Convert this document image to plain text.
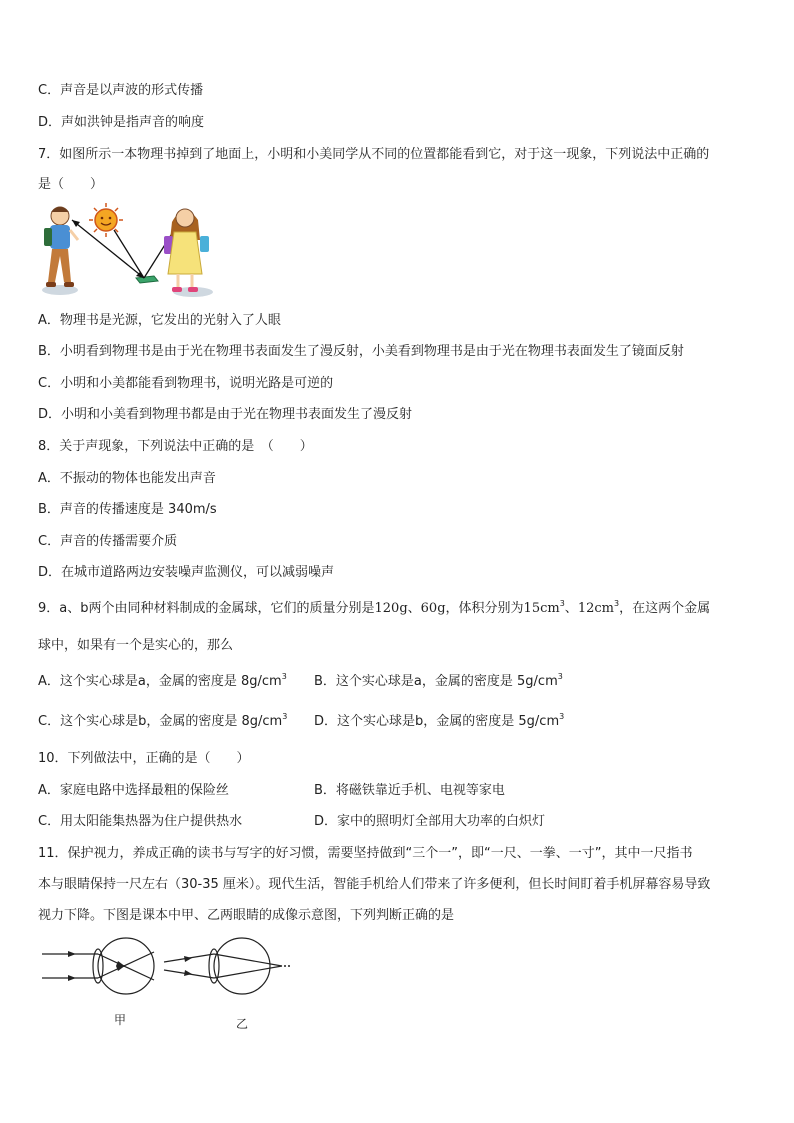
C．声音是以声波的形式传播
D．声如洪钟是指声音的响度
7．如图所示一本物理书掉到了地面上，小明和小美同学从不同的位置都能看到它，对于这一现象，下列说法中正确的
是（　　）
A．物理书是光源，它发出的光射入了人眼
B．小明看到物理书是由于光在物理书表面发生了漫反射，小美看到物理书是由于光在物理书表面发生了镜面反射
C．小明和小美都能看到物理书，说明光路是可逆的
D．小明和小美看到物理书都是由于光在物理书表面发生了漫反射
8．关于声现象，下列说法中正确的是　（　　）
A．不振动的物体也能发出声音
B．声音的传播速度是 340m/s
C．声音的传播需要介质
D．在城市道路两边安装噪声监测仪，可以减弱噪声
9．a、b两个由同种材料制成的金属球，它们的质量分别是120g、60g，体积分别为$15cm^3$、$12cm^3$，在这两个金属
球中，如果有一个是实心的，那么
A．这个实心球是a，金属的密度是 $8g/cm^3$ B．这个实心球是a，金属的密度是 $5g/cm^3$
C．这个实心球是b，金属的密度是 $8g/cm^3$ D．这个实心球是b，金属的密度是 $5g/cm^3$
10．下列做法中，正确的是（　　）
A．家庭电路中选择最粗的保险丝	B．将磁铁靠近手机、电视等家电
C．用太阳能集热器为住户提供热水	D．家中的照明灯全部用大功率的白炽灯
11．保护视力，养成正确的读书与写字的好习惯，需要坚持做到“三个一”，即“一尺、一拳、一寸”，其中一尺指书
本与眼睛保持一尺左右（30-35 厘米）。现代生活，智能手机给人们带来了许多便利，但长时间盯着手机屏幕容易导致
视力下降。下图是课本中甲、乙两眼睛的成像示意图，下列判断正确的是
甲	乙
